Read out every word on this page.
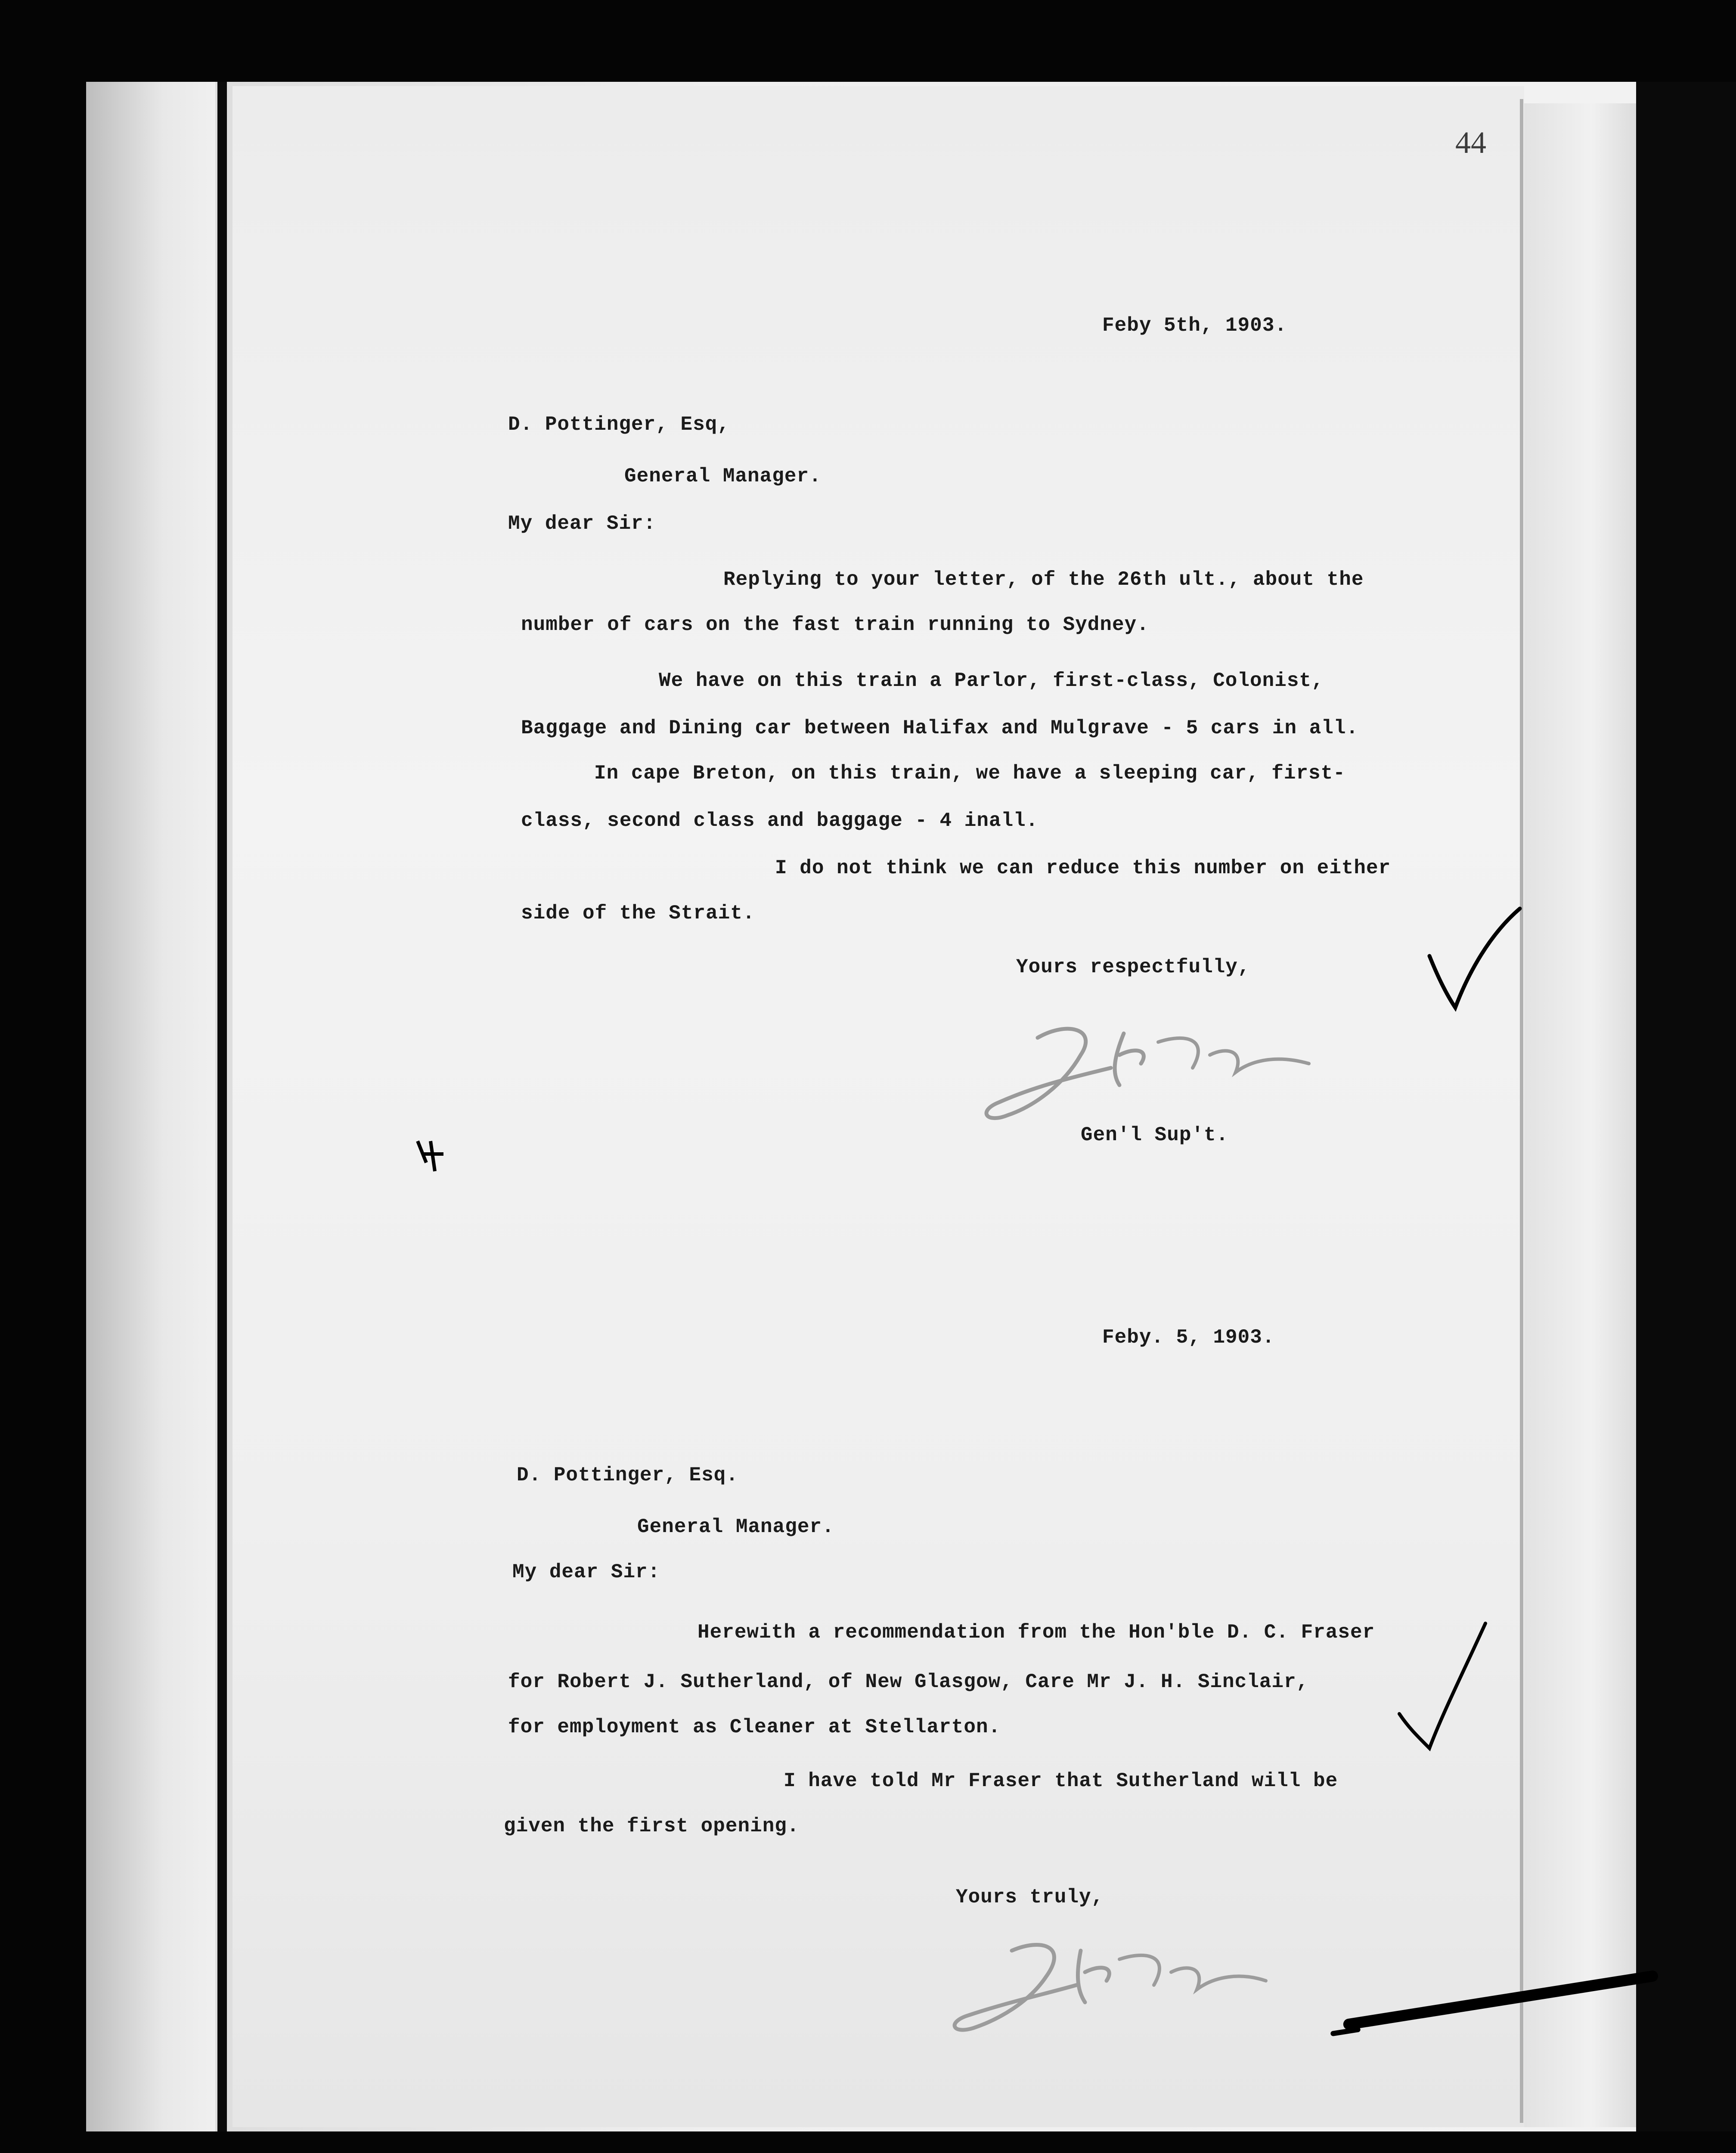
44
Feby 5th, 1903.
D. Pottinger, Esq,
General Manager.
My dear Sir:
Replying to your letter, of the 26th ult., about the
number of cars on the fast train running to Sydney.
We have on this train a Parlor, first-class, Colonist,
Baggage and Dining car between Halifax and Mulgrave - 5 cars in all.
In cape Breton, on this train, we have a sleeping car, first-
class, second class and baggage - 4 inall.
I do not think we can reduce this number on either
side of the Strait.
Yours respectfully,
Gen'l Sup't.
Feby. 5, 1903.
D. Pottinger, Esq.
General Manager.
My dear Sir:
Herewith a recommendation from the Hon'ble D. C. Fraser
for Robert J. Sutherland, of New Glasgow, Care Mr J. H. Sinclair,
for employment as Cleaner at Stellarton.
I have told Mr Fraser that Sutherland will be
given the first opening.
Yours truly,
